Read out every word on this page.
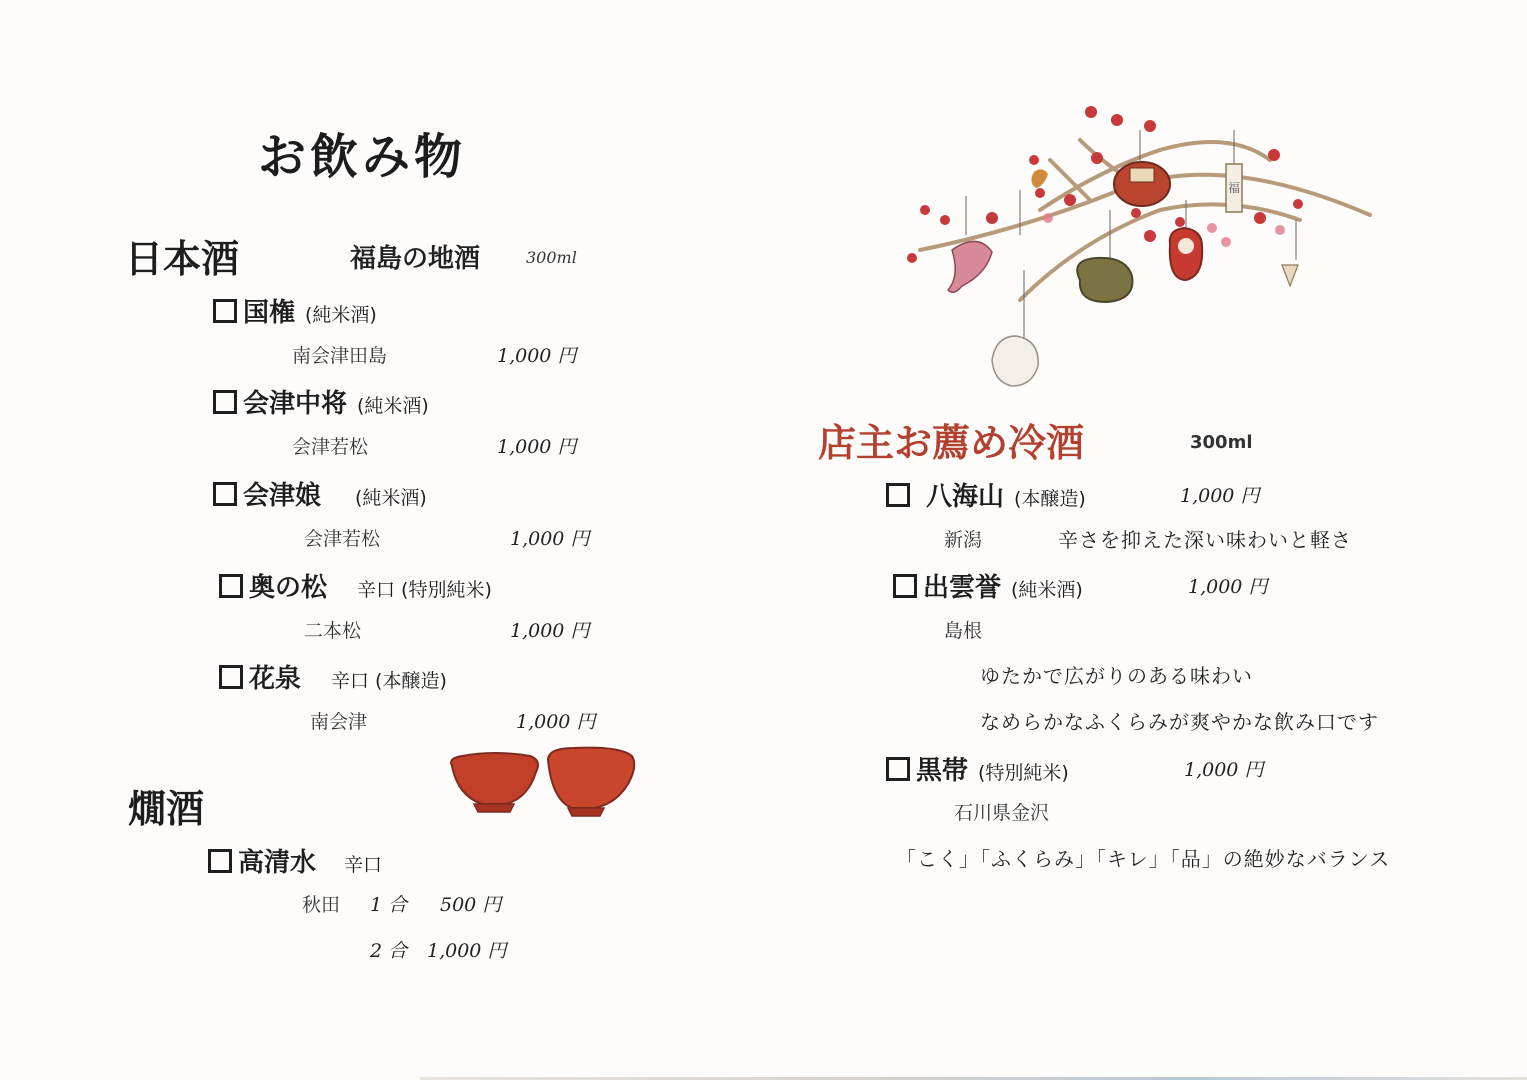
お飲み物
日本酒	福島の地酒	300ml
国権 (純米酒)
南会津田島	1,000 円
会津中将 (純米酒)
会津若松	1,000 円
会津娘 (純米酒)
会津若松	1,000 円
奥の松 辛口 (特別純米)
二本松	1,000 円
花泉 辛口 (本醸造)
南会津	1,000 円
燗酒
高清水 辛口
秋田 1 合 500 円
2 合 1,000 円
福
店主お薦め冷酒	300ml
八海山 (本醸造)	1,000 円
新潟	辛さを抑えた深い味わいと軽さ
出雲誉 (純米酒)	1,000 円
島根
ゆたかで広がりのある味わい
なめらかなふくらみが爽やかな飲み口です
黒帯 (特別純米)	1,000 円
石川県金沢
「こく」「ふくらみ」「キレ」「品」の絶妙なバランス
